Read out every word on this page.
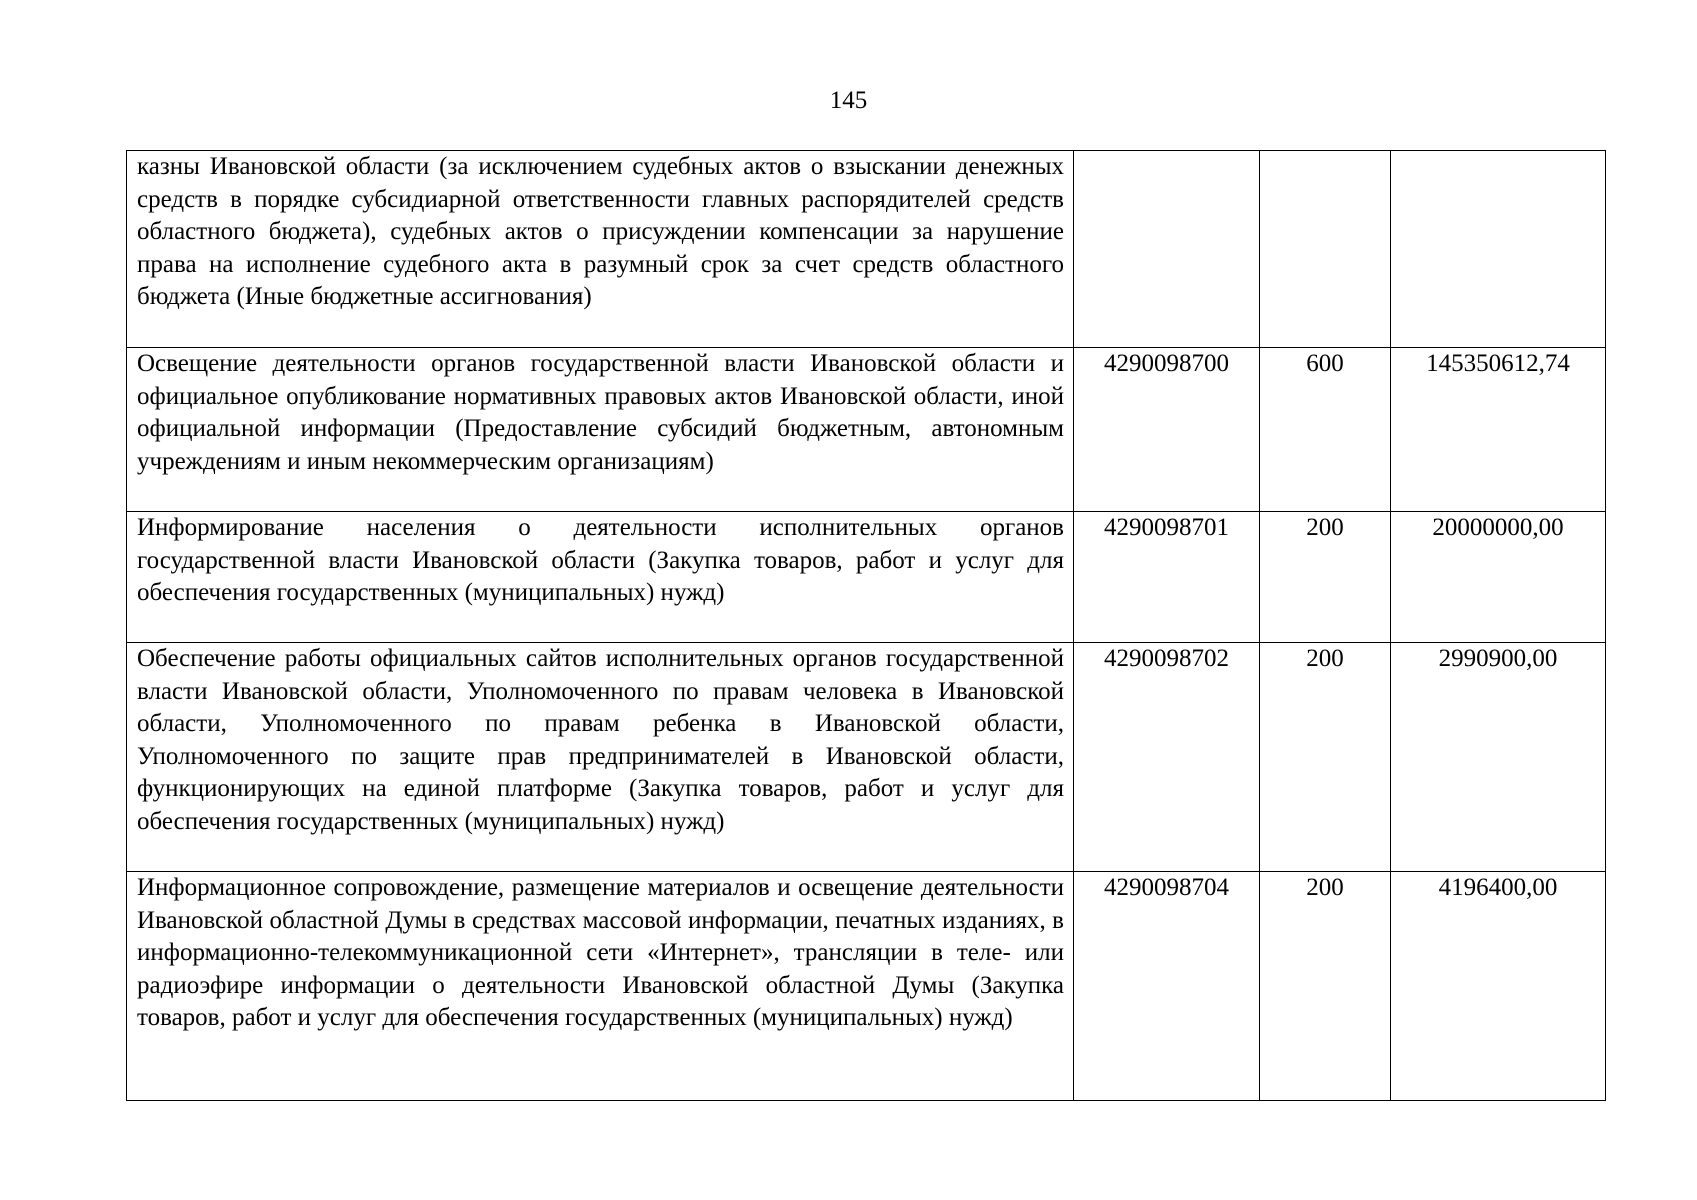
145
казны Ивановской области (за исключением судебных актов о взыскании денежных средств в порядке субсидиарной ответственности главных распорядителей средств областного бюджета), судебных актов о присуждении компенсации за нарушение права на исполнение судебного акта в разумный срок за счет средств областного бюджета (Иные бюджетные ассигнования)			
Освещение деятельности органов государственной власти Ивановской области и официальное опубликование нормативных правовых актов Ивановской области, иной официальной информации (Предоставление субсидий бюджетным, автономным учреждениям и иным некоммерческим организациям)	4290098700	600	145350612,74
Информирование населения о деятельности исполнительных органов государственной власти Ивановской области (Закупка товаров, работ и услуг для обеспечения государственных (муниципальных) нужд)	4290098701	200	20000000,00
Обеспечение работы официальных сайтов исполнительных органов государственной власти Ивановской области, Уполномоченного по правам человека в Ивановской области, Уполномоченного по правам ребенка в Ивановской области, Уполномоченного по защите прав предпринимателей в Ивановской области, функционирующих на единой платформе (Закупка товаров, работ и услуг для обеспечения государственных (муниципальных) нужд)	4290098702	200	2990900,00
Информационное сопровождение, размещение материалов и освещение деятельности Ивановской областной Думы в средствах массовой информации, печатных изданиях, в информационно-телекоммуникационной сети «Интернет», трансляции в теле- или радиоэфире информации о деятельности Ивановской областной Думы (Закупка товаров, работ и услуг для обеспечения государственных (муниципальных) нужд)	4290098704	200	4196400,00
